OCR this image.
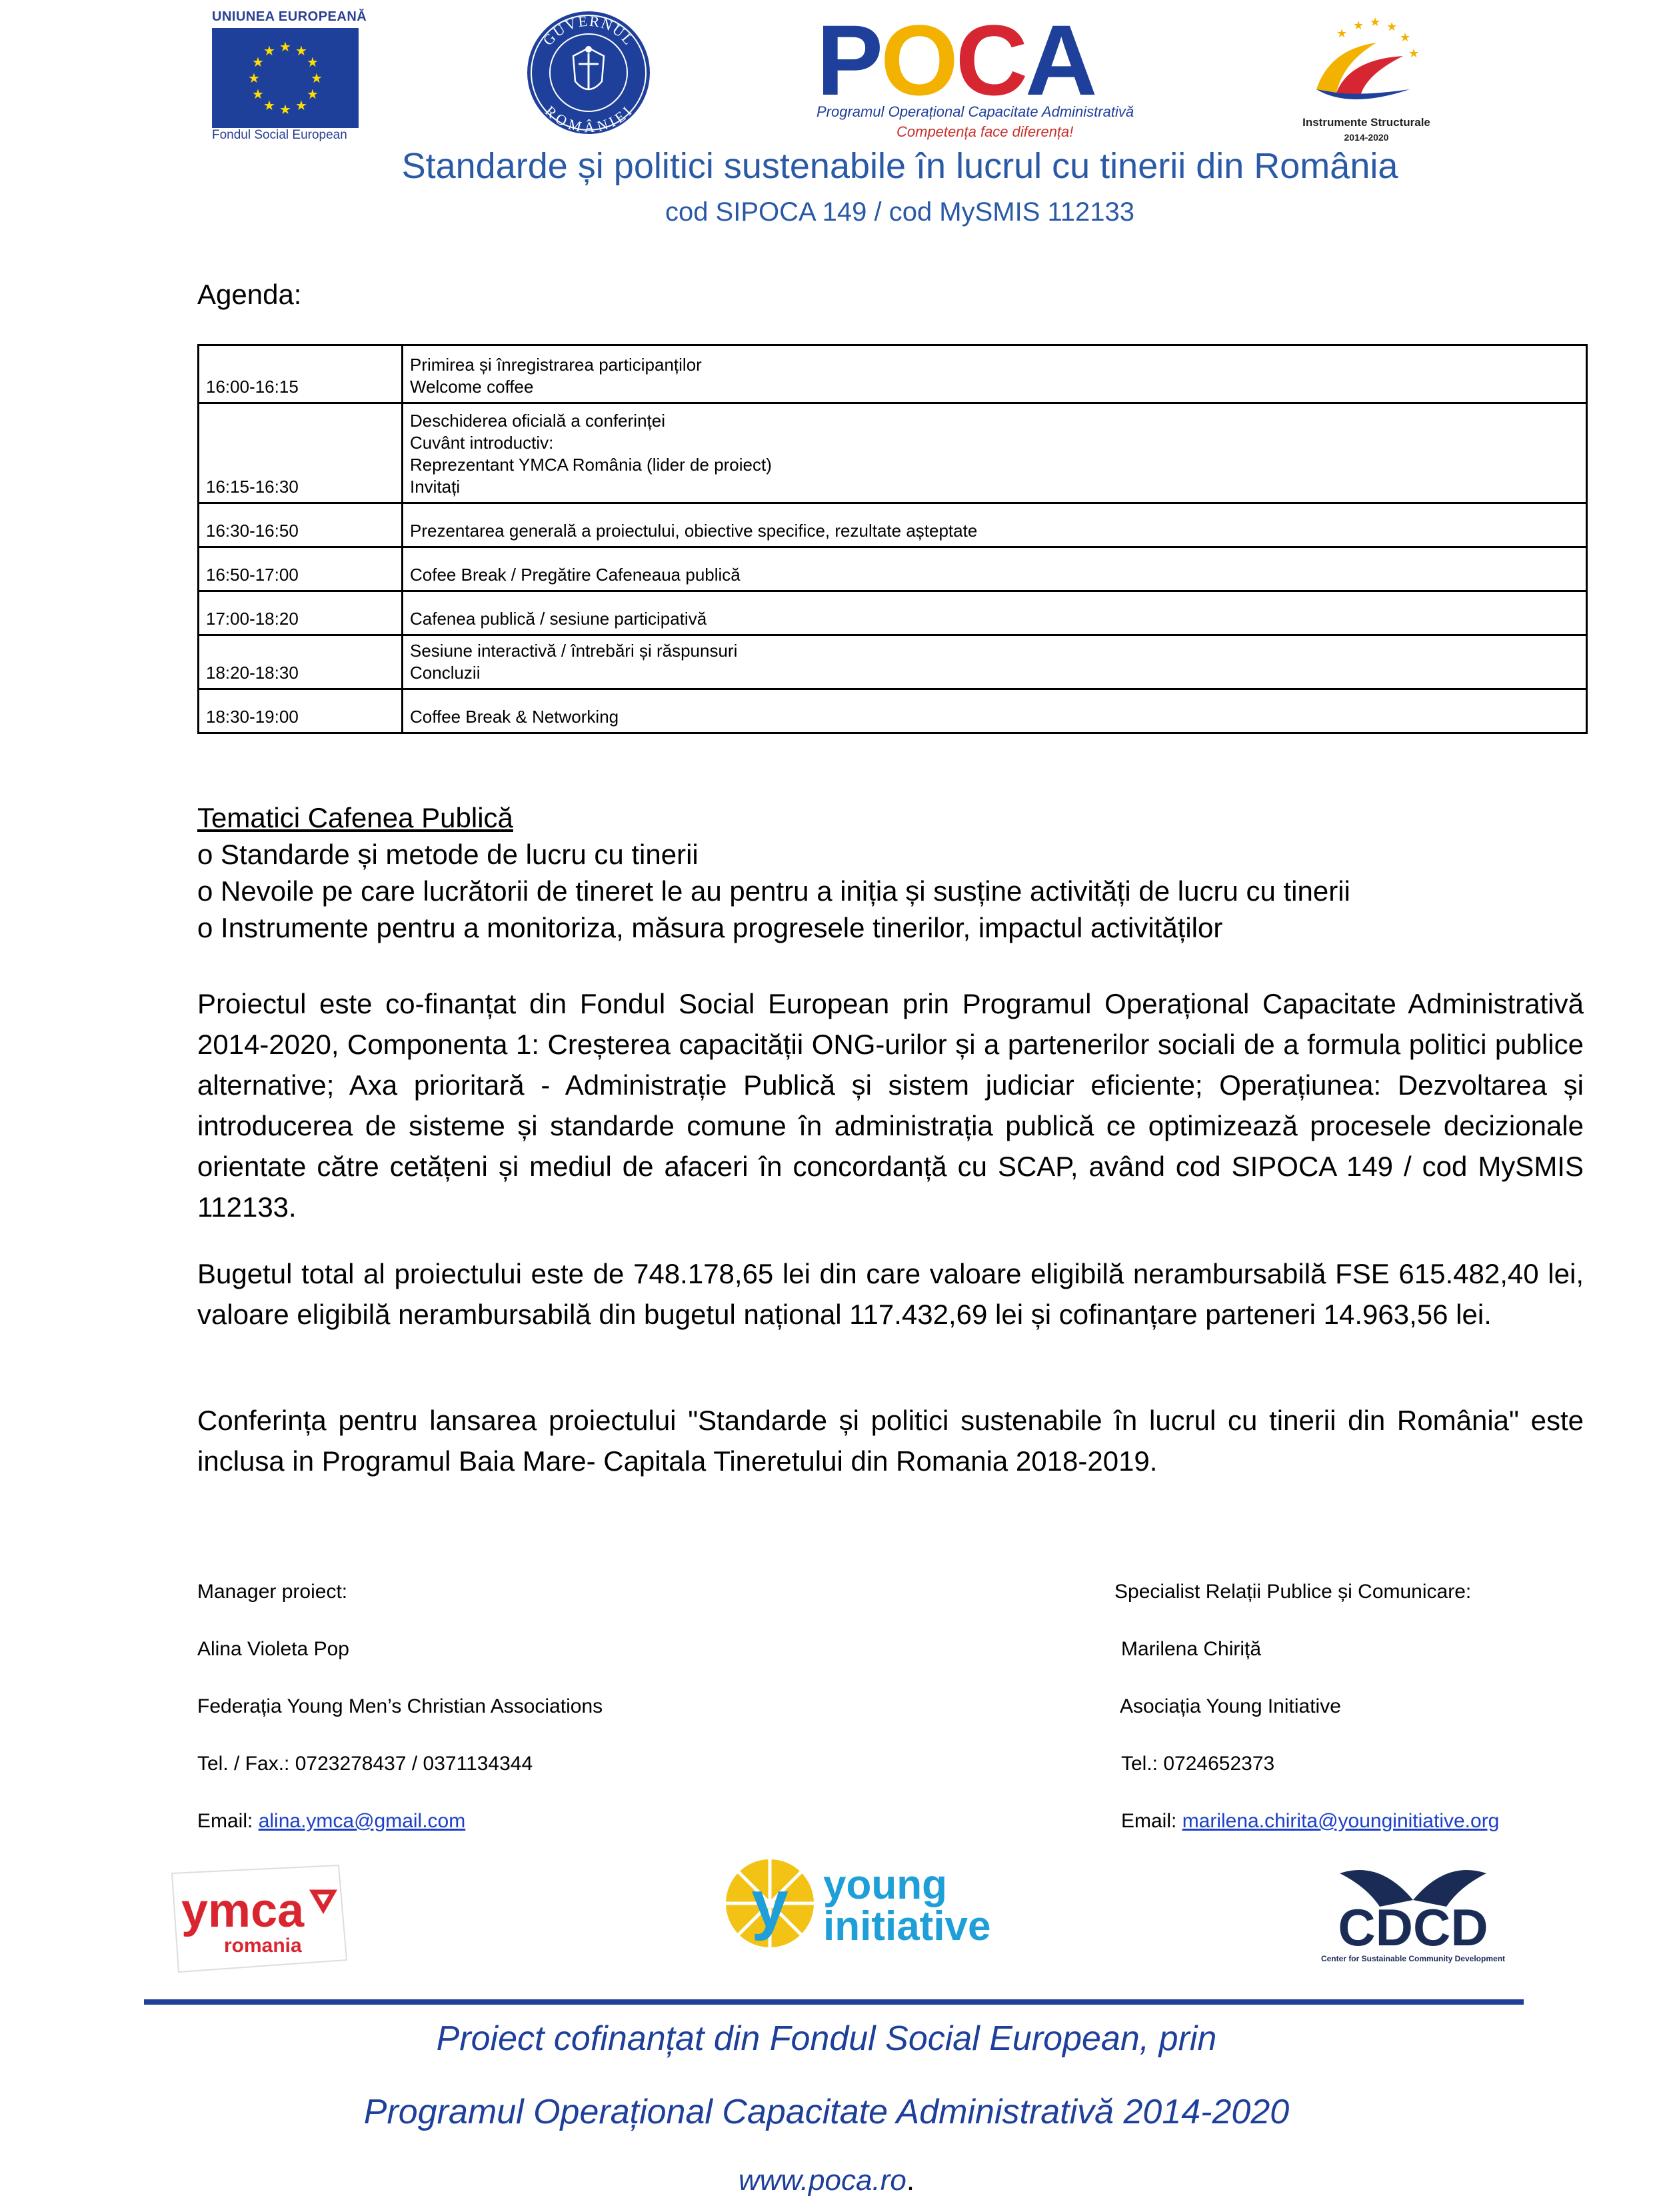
UNIUNEA EUROPEANĂ
★ ★
★
★
★
★
★
★
★
★
★
★
Fondul Social European
GUVERNUL
ROMÂNIEI POCA
Programul Operațional Capacitate Administrativă
Competența face diferența!
★ ★ ★
★
★
★
Instrumente Structurale
2014-2020
Standarde și politici sustenabile în lucrul cu tinerii din România
cod SIPOCA 149 / cod MySMIS 112133
Agenda:
16:00-16:15	Primirea și înregistrarea participanților
Welcome coffee

16:15-16:30	Deschiderea oficială a conferinței
Cuvânt introductiv:
Reprezentant YMCA România (lider de proiect)
Invitați

16:30-16:50	Prezentarea generală a proiectului, obiective specifice, rezultate așteptate

16:50-17:00	Cofee Break / Pregătire Cafeneaua publică

17:00-18:20	Cafenea publică / sesiune participativă

18:20-18:30	Sesiune interactivă / întrebări și răspunsuri
Concluzii

18:30-19:00	Coffee Break & Networking
Tematici Cafenea Publică
o Standarde și metode de lucru cu tinerii
o Nevoile pe care lucrătorii de tineret le au pentru a iniția și susține activități de lucru cu tinerii
o Instrumente pentru a monitoriza, măsura progresele tinerilor, impactul activităților
Proiectul este co-finanțat din Fondul Social European prin Programul Operațional Capacitate Administrativă 2014-2020, Componenta 1: Creșterea capacității ONG-urilor și a partenerilor sociali de a formula politici publice alternative; Axa prioritară - Administrație Publică și sistem judiciar eficiente; Operațiunea: Dezvoltarea și introducerea de sisteme și standarde comune în administrația publică ce optimizează procesele decizionale orientate către cetățeni și mediul de afaceri în concordanță cu SCAP, având cod SIPOCA 149 / cod MySMIS 112133.
Bugetul total al proiectului este de 748.178,65 lei din care valoare eligibilă nerambursabilă FSE 615.482,40 lei, valoare eligibilă nerambursabilă din bugetul național 117.432,69 lei și cofinanțare parteneri 14.963,56 lei.
Conferința pentru lansarea proiectului "Standarde și politici sustenabile în lucrul cu tinerii din România" este inclusa in Programul Baia Mare- Capitala Tineretului din Romania 2018-2019.
Manager proiect:
Alina Violeta Pop
Federația Young Men’s Christian Associations
Tel. / Fax.: 0723278437 / 0371134344
Email: alina.ymca@gmail.com
Specialist Relații Publice și Comunicare:
Marilena Chiriță
Asociația Young Initiative
Tel.: 0724652373
Email: marilena.chirita@younginitiative.org
ymca
romania
y young
initiative	CDCD
Center for Sustainable Community Development
Proiect cofinanțat din Fondul Social European, prin
Programul Operațional Capacitate Administrativă 2014-2020
www.poca.ro.
